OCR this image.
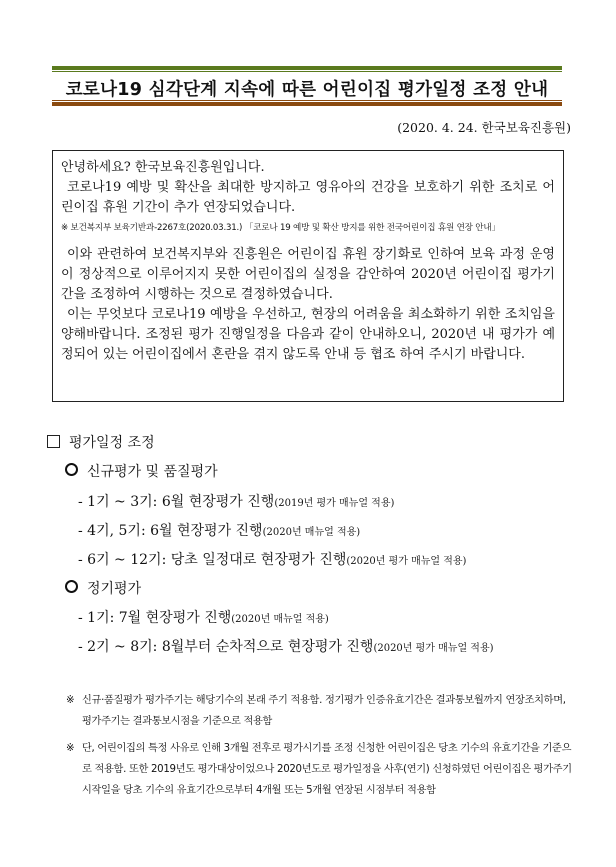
코로나19 심각단계 지속에 따른 어린이집 평가일정 조정 안내
(2020. 4. 24. 한국보육진흥원)

안녕하세요? 한국보육진흥원입니다.

코로나19 예방 및 확산을 최대한 방지하고 영유아의 건강을 보호하기 위한 조치로 어린이집 휴원 기간이 추가 연장되었습니다.

※ 보건복지부 보육기반과-2267호(2020.03.31.) 「코로나 19 예방 및 확산 방지를 위한 전국어린이집 휴원 연장 안내」

이와 관련하여 보건복지부와 진흥원은 어린이집 휴원 장기화로 인하여 보육 과정 운영이 정상적으로 이루어지지 못한 어린이집의 실정을 감안하여 2020년 어린이집 평가기간을 조정하여 시행하는 것으로 결정하였습니다.

이는 무엇보다 코로나19 예방을 우선하고, 현장의 어려움을 최소화하기 위한 조치임을 양해바랍니다. 조정된 평가 진행일정을 다음과 같이 안내하오니, 2020년 내 평가가 예정되어 있는 어린이집에서 혼란을 겪지 않도록 안내 등 협조 하여 주시기 바랍니다.

평가일정 조정
신규평가 및 품질평가
- 1기 ~ 3기: 6월 현장평가 진행(2019년 평가 매뉴얼 적용)
- 4기, 5기: 6월 현장평가 진행(2020년 매뉴얼 적용)
- 6기 ~ 12기: 당초 일정대로 현장평가 진행(2020년 평가 매뉴얼 적용)
정기평가
- 1기: 7월 현장평가 진행(2020년 매뉴얼 적용)
- 2기 ~ 8기: 8월부터 순차적으로 현장평가 진행(2020년 평가 매뉴얼 적용)
※ 신규·품질평가 평가주기는 해당기수의 본래 주기 적용함. 정기평가 인증유효기간은 결과통보월까지 연장조치하며, 평가주기는 결과통보시점을 기준으로 적용함
※ 단, 어린이집의 특정 사유로 인해 3개월 전후로 평가시기를 조정 신청한 어린이집은 당초 기수의 유효기간을 기준으로 적용함. 또한 2019년도 평가대상이었으나 2020년도로 평가일정을 사후(연기) 신청하였던 어린이집은 평가주기 시작일을 당초 기수의 유효기간으로부터 4개월 또는 5개월 연장된 시점부터 적용함
